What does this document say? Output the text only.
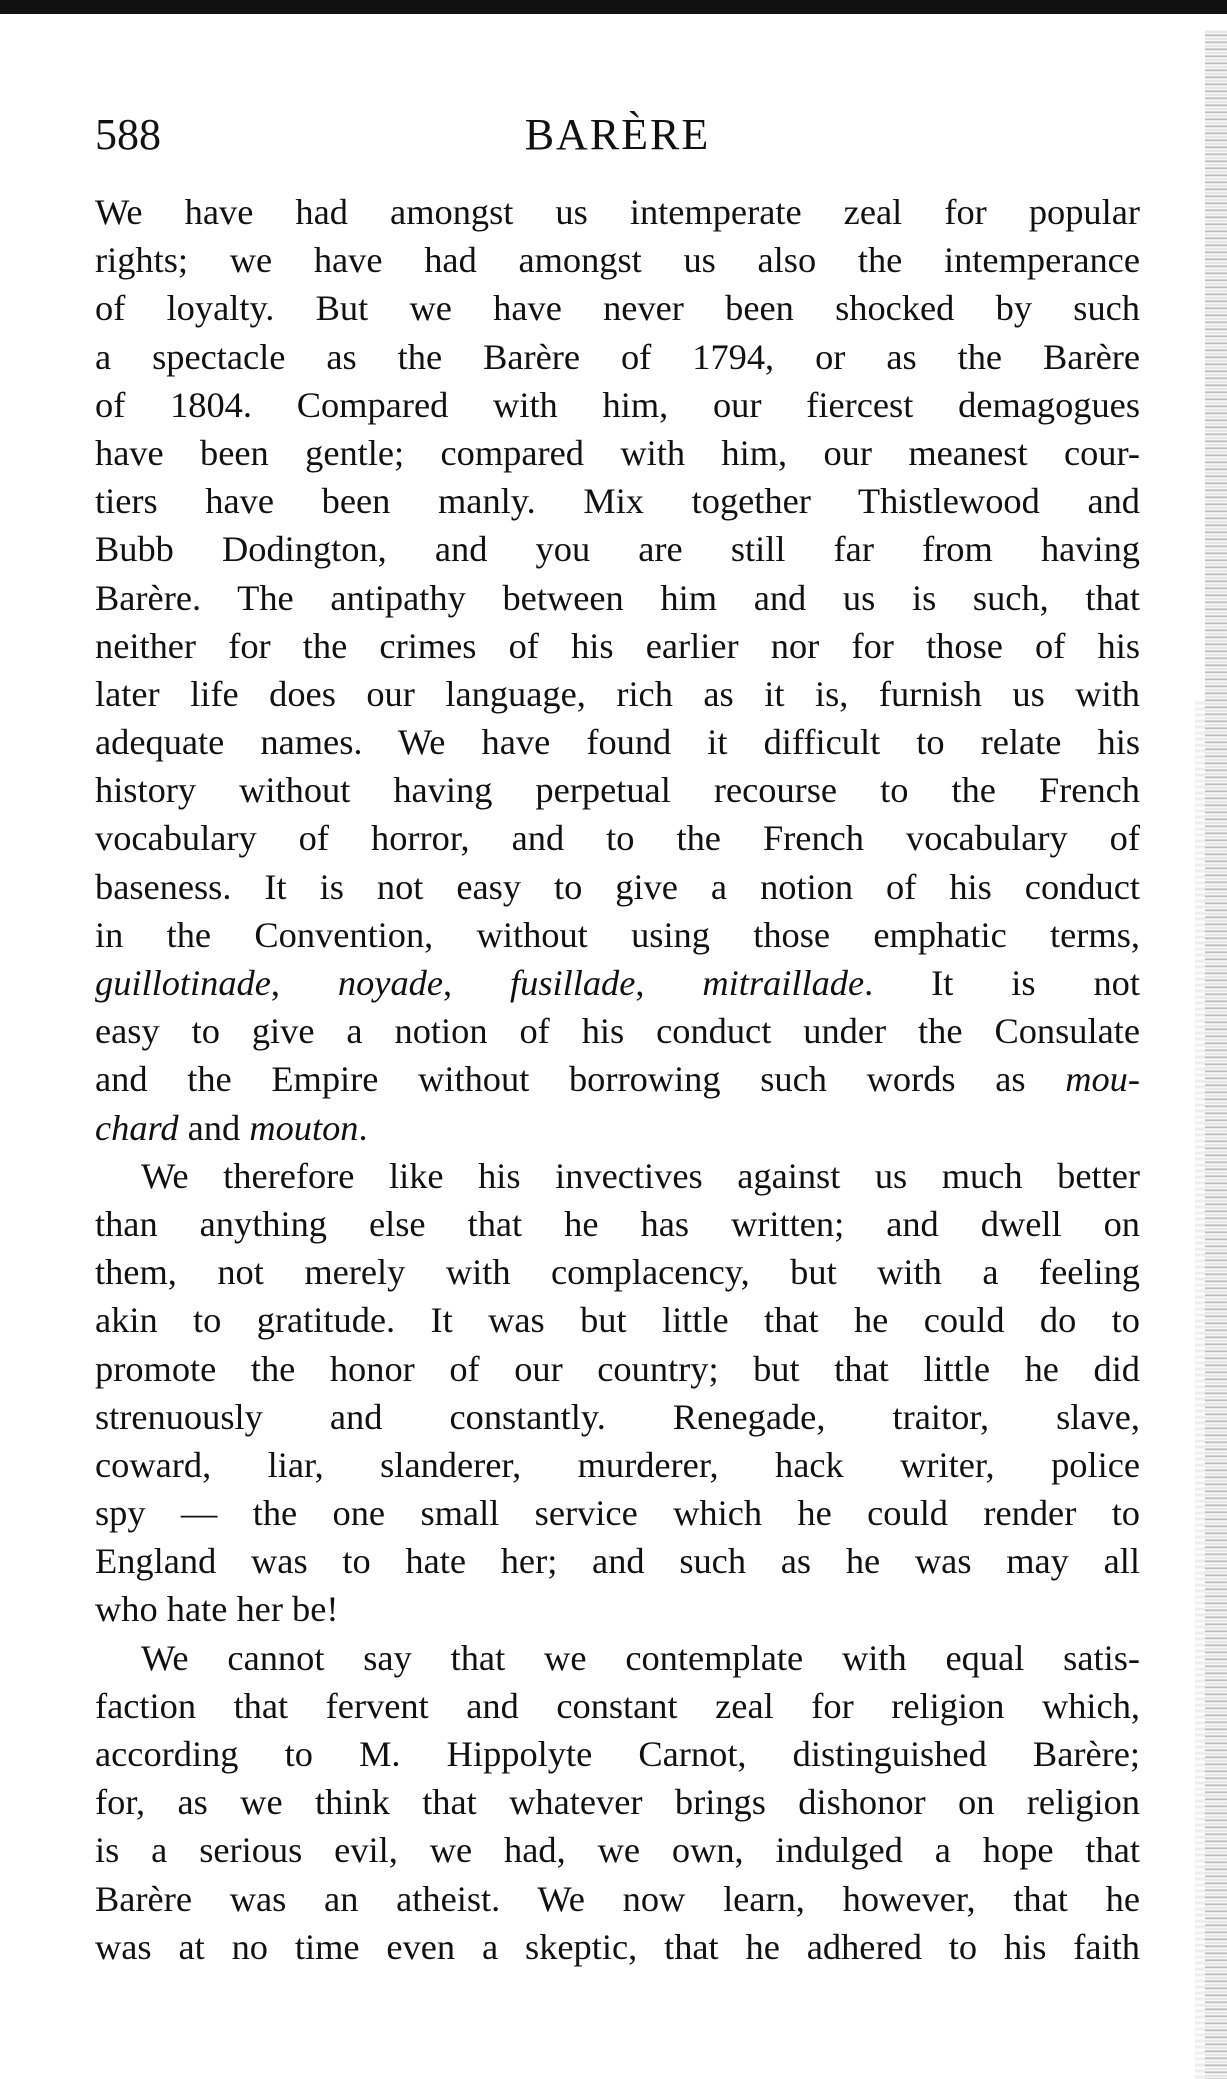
588	BARÈRE
We have had amongst us intemperate zeal for popular
rights; we have had amongst us also the intemperance
of loyalty. But we have never been shocked by such
a spectacle as the Barère of 1794, or as the Barère
of 1804. Compared with him, our fiercest demagogues
have been gentle; compared with him, our meanest cour-
tiers have been manly. Mix together Thistlewood and
Bubb Dodington, and you are still far from having
Barère. The antipathy between him and us is such, that
neither for the crimes of his earlier nor for those of his
later life does our language, rich as it is, furnish us with
adequate names. We have found it difficult to relate his
history without having perpetual recourse to the French
vocabulary of horror, and to the French vocabulary of
baseness. It is not easy to give a notion of his conduct
in the Convention, without using those emphatic terms,
guillotinade, noyade, fusillade, mitraillade. It is not
easy to give a notion of his conduct under the Consulate
and the Empire without borrowing such words as mou-
chard and mouton.
We therefore like his invectives against us much better
than anything else that he has written; and dwell on
them, not merely with complacency, but with a feeling
akin to gratitude. It was but little that he could do to
promote the honor of our country; but that little he did
strenuously and constantly. Renegade, traitor, slave,
coward, liar, slanderer, murderer, hack writer, police
spy — the one small service which he could render to
England was to hate her; and such as he was may all
who hate her be!
We cannot say that we contemplate with equal satis-
faction that fervent and constant zeal for religion which,
according to M. Hippolyte Carnot, distinguished Barère;
for, as we think that whatever brings dishonor on religion
is a serious evil, we had, we own, indulged a hope that
Barère was an atheist. We now learn, however, that he
was at no time even a skeptic, that he adhered to his faith
